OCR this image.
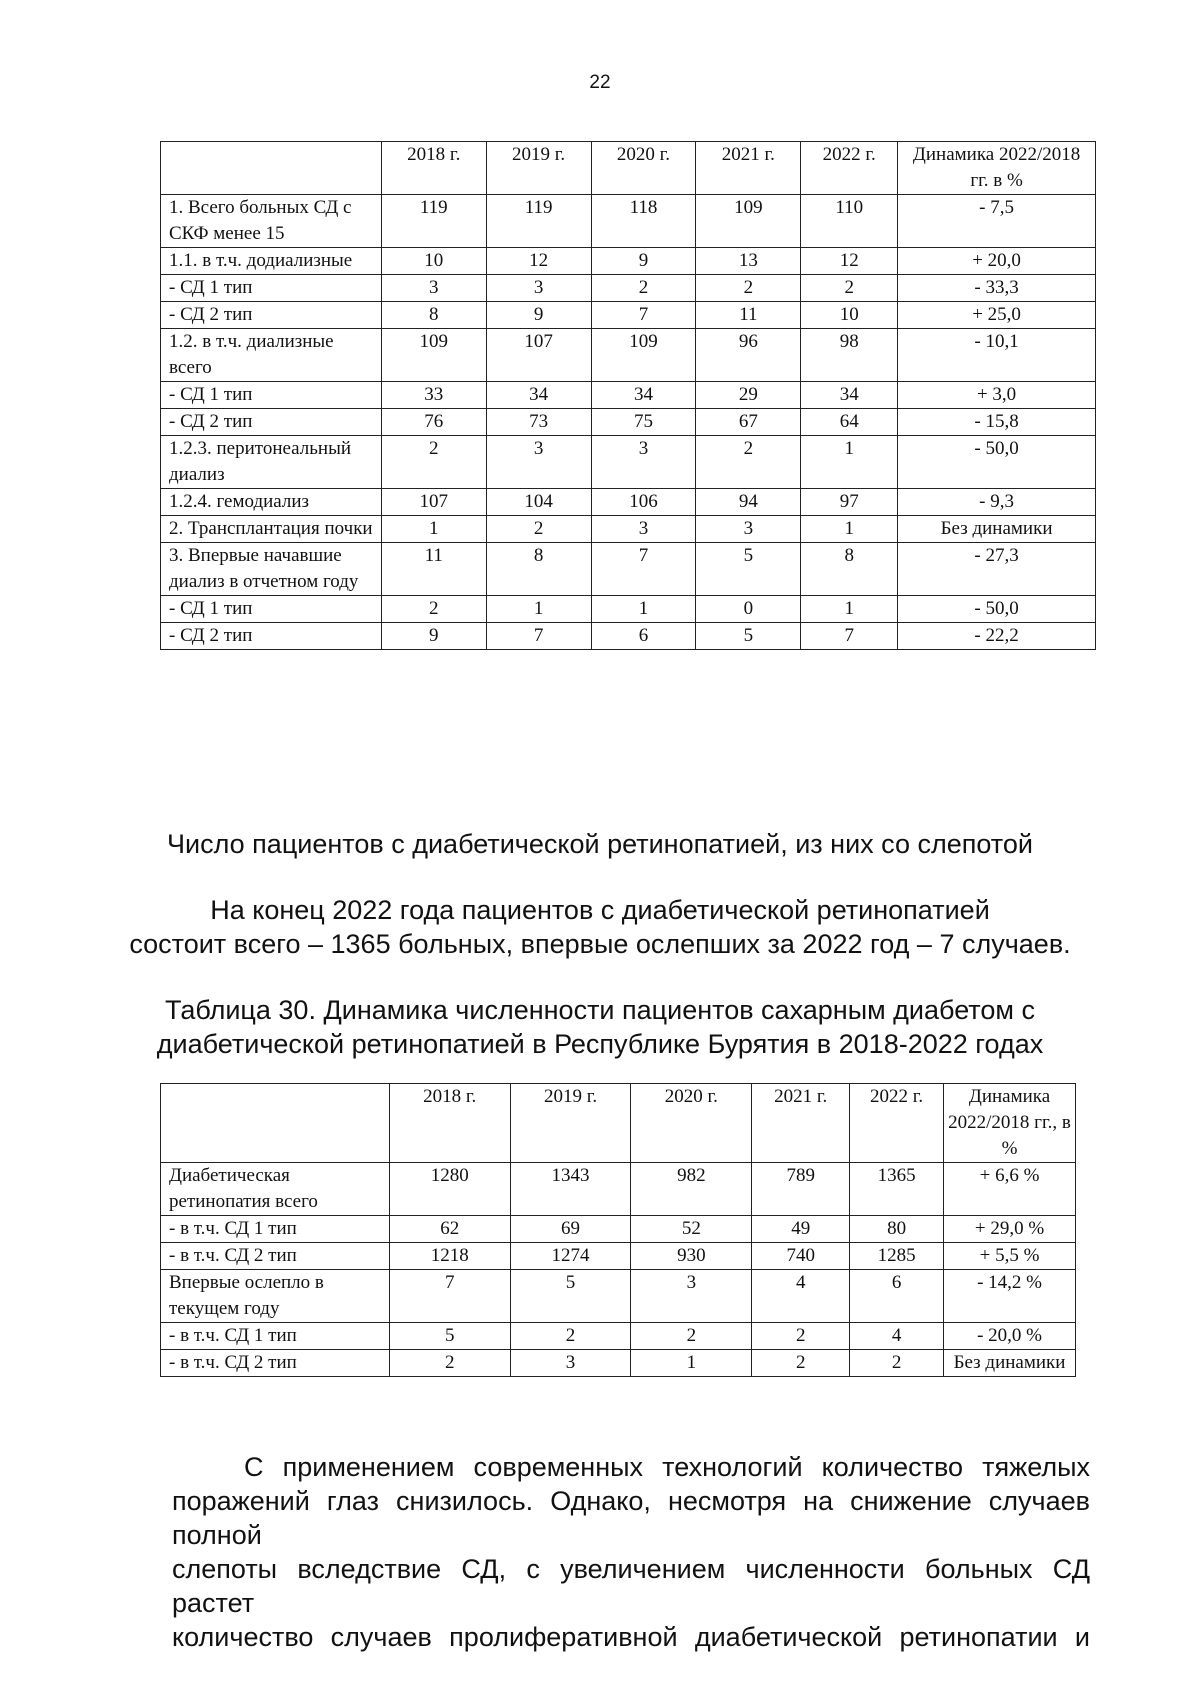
22
	2018 г.	2019 г.	2020 г.	2021 г.	2022 г.	Динамика 2022/2018 гг. в %
1. Всего больных СД с СКФ менее 15	119	119	118	109	110	- 7,5
1.1. в т.ч. додиализные	10	12	9	13	12	+ 20,0
- СД 1 тип	3	3	2	2	2	- 33,3
- СД 2 тип	8	9	7	11	10	+ 25,0
1.2. в т.ч. диализные всего	109	107	109	96	98	- 10,1
- СД 1 тип	33	34	34	29	34	+ 3,0
- СД 2 тип	76	73	75	67	64	- 15,8
1.2.3. перитонеальный диализ	2	3	3	2	1	- 50,0
1.2.4. гемодиализ	107	104	106	94	97	- 9,3
2. Трансплантация почки	1	2	3	3	1	Без динамики
3. Впервые начавшие диализ в отчетном году	11	8	7	5	8	- 27,3
- СД 1 тип	2	1	1	0	1	- 50,0
- СД 2 тип	9	7	6	5	7	- 22,2
Число пациентов с диабетической ретинопатией, из них со слепотой
На конец 2022 года пациентов с диабетической ретинопатией
состоит всего – 1365 больных, впервые ослепших за 2022 год – 7 случаев.
Таблица 30. Динамика численности пациентов сахарным диабетом с
диабетической ретинопатией в Республике Бурятия в 2018-2022 годах
	2018 г.	2019 г.	2020 г.	2021 г.	2022 г.	Динамика 2022/2018 гг., в %
Диабетическая ретинопатия всего	1280	1343	982	789	1365	+ 6,6 %
- в т.ч. СД 1 тип	62	69	52	49	80	+ 29,0 %
- в т.ч. СД 2 тип	1218	1274	930	740	1285	+ 5,5 %
Впервые ослепло в текущем году	7	5	3	4	6	- 14,2 %
- в т.ч. СД 1 тип	5	2	2	2	4	- 20,0 %
- в т.ч. СД 2 тип	2	3	1	2	2	Без динамики
С применением современных технологий количество тяжелых
поражений глаз снизилось. Однако, несмотря на снижение случаев полной
слепоты вследствие СД, с увеличением численности больных СД растет
количество случаев пролиферативной диабетической ретинопатии и
